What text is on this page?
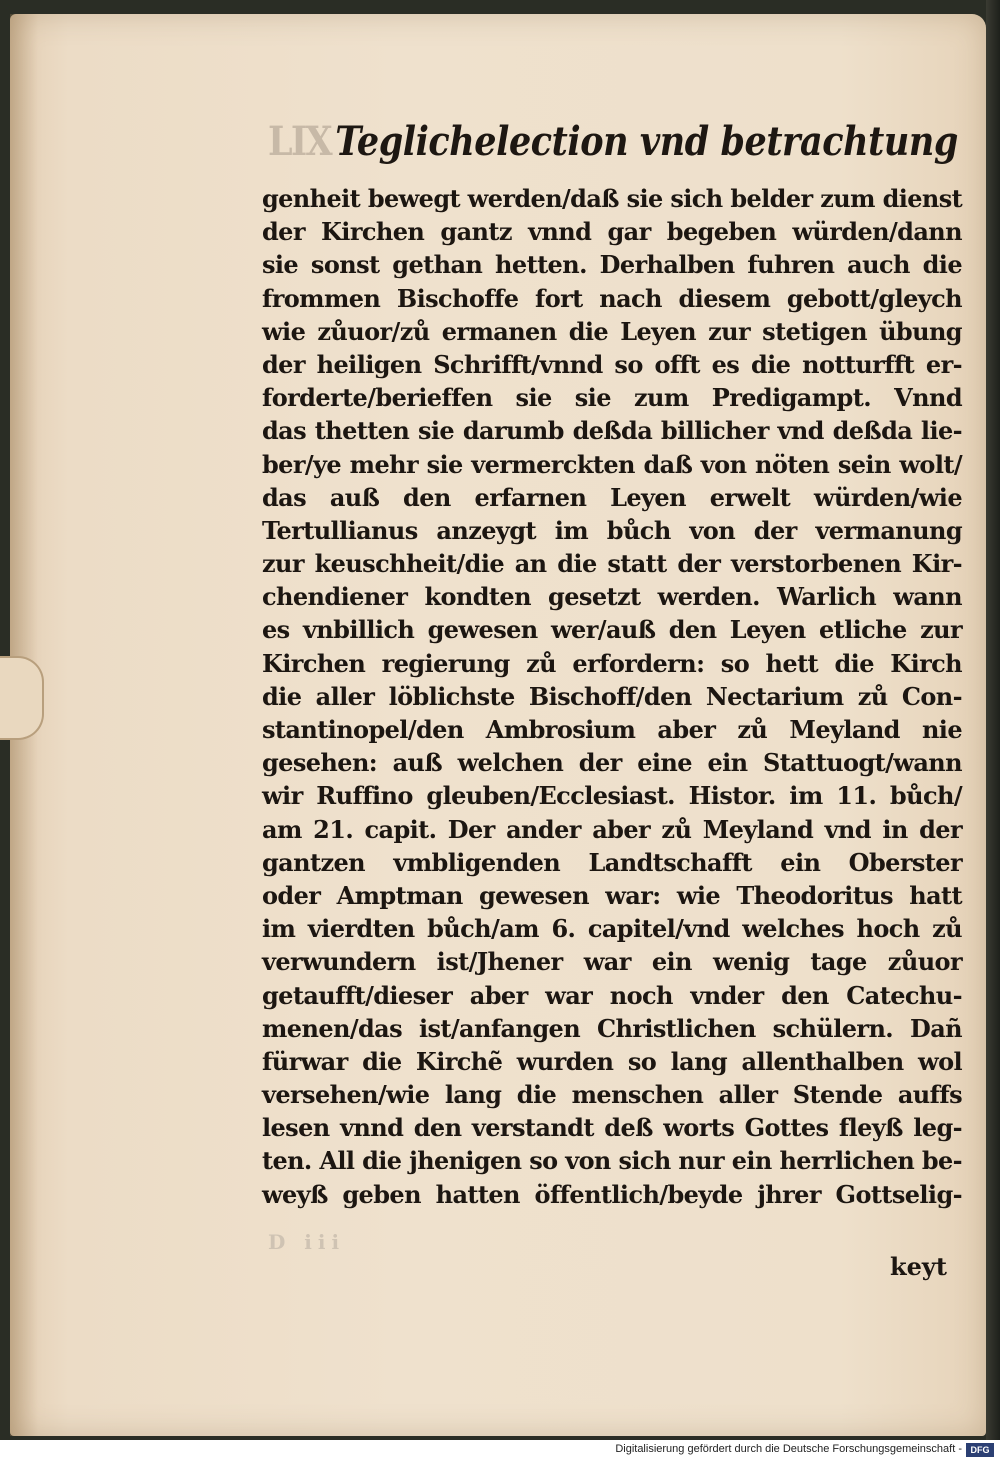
LIX Teglichelection vnd betrachtung
genheit bewegt werden/daß sie sich belder zum dienst
der Kirchen gantz vnnd gar begeben würden/dann
sie sonst gethan hetten. Derhalben fuhren auch die
frommen Bischoffe fort nach diesem gebott/gleych
wie zůuor/zů ermanen die Leyen zur stetigen übung
der heiligen Schrifft/vnnd so offt es die notturfft er-
forderte/berieffen sie sie zum Predigampt. Vnnd
das thetten sie darumb deßda billicher vnd deßda lie-
ber/ye mehr sie vermerckten daß von nöten sein wolt/
das auß den erfarnen Leyen erwelt würden/wie
Tertullianus anzeygt im bůch von der vermanung
zur keuschheit/die an die statt der verstorbenen Kir-
chendiener kondten gesetzt werden. Warlich wann
es vnbillich gewesen wer/auß den Leyen etliche zur
Kirchen regierung zů erfordern: so hett die Kirch
die aller löblichste Bischoff/den Nectarium zů Con-
stantinopel/den Ambrosium aber zů Meyland nie
gesehen: auß welchen der eine ein Stattuogt/wann
wir Ruffino gleuben/Ecclesiast. Histor. im 11. bůch/
am 21. capit. Der ander aber zů Meyland vnd in der
gantzen vmbligenden Landtschafft ein Oberster
oder Amptman gewesen war: wie Theodoritus hatt
im vierdten bůch/am 6. capitel/vnd welches hoch zů
verwundern ist/Jhener war ein wenig tage zůuor
getaufft/dieser aber war noch vnder den Catechu-
menen/das ist/anfangen Christlichen schülern. Dañ
fürwar die Kirchẽ wurden so lang allenthalben wol
versehen/wie lang die menschen aller Stende auffs
lesen vnnd den verstandt deß worts Gottes fleyß leg-
ten. All die jhenigen so von sich nur ein herrlichen be-
weyß geben hatten öffentlich/beyde jhrer Gottselig-
D iii
keyt
Digitalisierung gefördert durch die Deutsche Forschungsgemeinschaft - DFG
